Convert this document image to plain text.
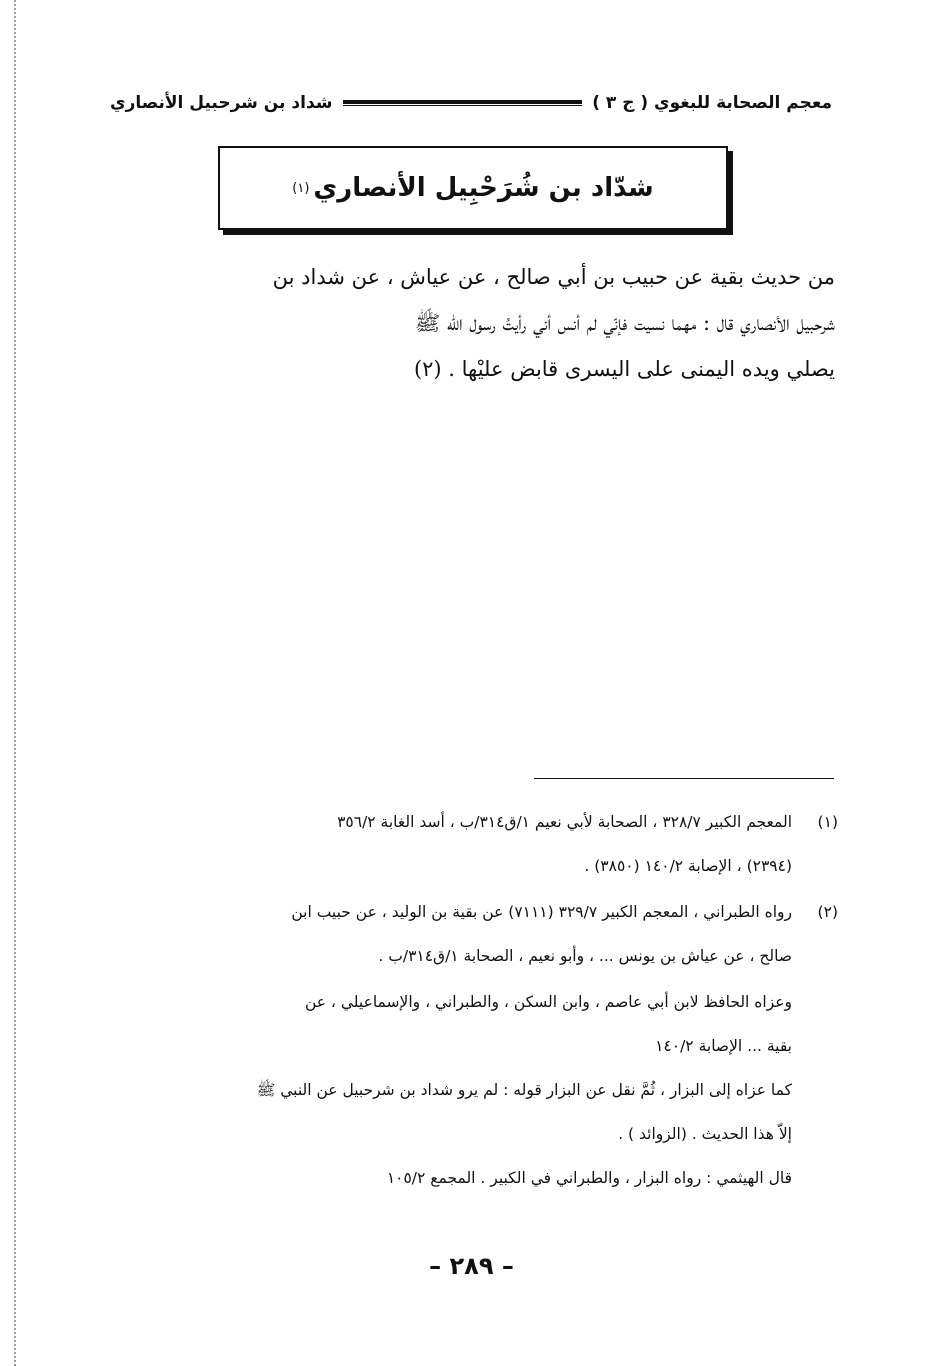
معجم الصحابة للبغوي ( ج ٣ )
شداد بن شرحبيل الأنصاري
شدّاد بن شُرَحْبِيل الأنصاري
(١)
من حديث بقية عن حبيب بن أبي صالح ، عن عياش ، عن شداد بن
شرحبيل الأنصاري قال : مهما نسيت فإنّي لم أنس أني رأيتُ رسول الله ﷺ
يصلي ويده اليمنى على اليسرى قابض عليْها . (٢)
(١)
المعجم الكبير ٣٢٨/٧ ، الصحابة لأبي نعيم ١/ق٣١٤/ب ، أسد الغابة ٣٥٦/٢
(٢٣٩٤) ، الإصابة ١٤٠/٢ (٣٨٥٠) .
(٢)
رواه الطبراني ، المعجم الكبير ٣٢٩/٧ (٧١١١) عن بقية بن الوليد ، عن حبيب ابن
صالح ، عن عياش بن يونس ... ، وأبو نعيم ، الصحابة ١/ق٣١٤/ب .
وعزاه الحافظ لابن أبي عاصم ، وابن السكن ، والطبراني ، والإسماعيلي ، عن
بقية ... الإصابة ١٤٠/٢
كما عزاه إلى البزار ، ثُمَّ نقل عن البزار قوله : لم يرو شداد بن شرحبيل عن النبي ﷺ
إلاّ هذا الحديث . (الزوائد ) .
قال الهيثمي : رواه البزار ، والطبراني في الكبير . المجمع ١٠٥/٢
– ٢٨٩ –
